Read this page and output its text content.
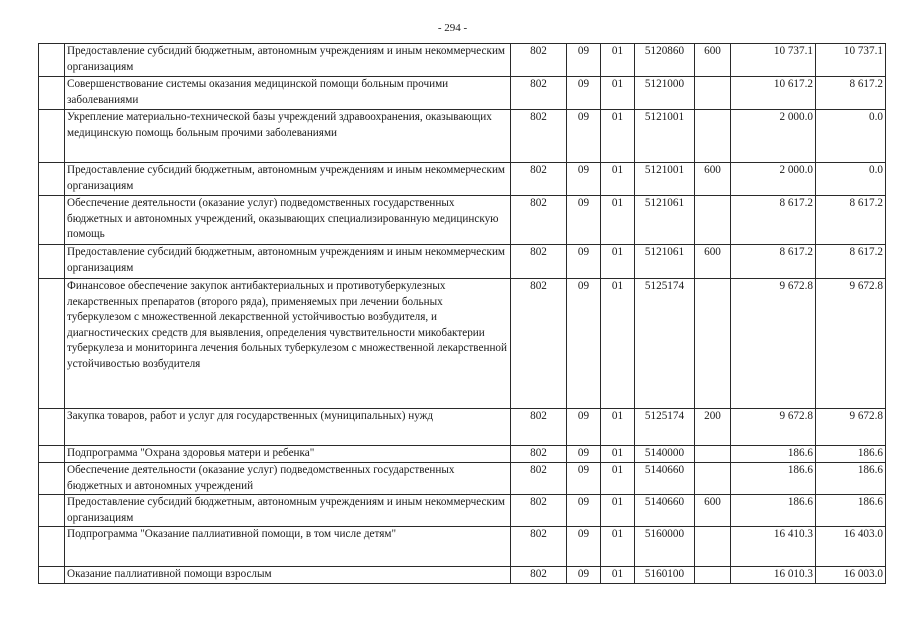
- 294 -
	Предоставление субсидий бюджетным, автономным учреждениям и иным некоммерческим организациям	802	09	01	5120860	600	10 737.1	10 737.1
	Совершенствование системы оказания медицинской помощи больным прочими заболеваниями	802	09	01	5121000		10 617.2	8 617.2
	Укрепление материально-технической базы учреждений здравоохранения, оказывающих медицинскую помощь больным прочими заболеваниями	802	09	01	5121001		2 000.0	0.0
	Предоставление субсидий бюджетным, автономным учреждениям и иным некоммерческим организациям	802	09	01	5121001	600	2 000.0	0.0
	Обеспечение деятельности (оказание услуг) подведомственных государственных бюджетных и автономных учреждений, оказывающих специализированную медицинскую помощь	802	09	01	5121061		8 617.2	8 617.2
	Предоставление субсидий бюджетным, автономным учреждениям и иным некоммерческим организациям	802	09	01	5121061	600	8 617.2	8 617.2
	Финансовое обеспечение закупок антибактериальных и противотуберкулезных лекарственных препаратов (второго ряда), применяемых при лечении больных туберкулезом с множественной лекарственной устойчивостью возбудителя, и диагностических средств для выявления, определения чувствительности микобактерии туберкулеза и мониторинга лечения больных туберкулезом с множественной лекарственной устойчивостью возбудителя	802	09	01	5125174		9 672.8	9 672.8
	Закупка товаров, работ и услуг для государственных (муниципальных) нужд	802	09	01	5125174	200	9 672.8	9 672.8
	Подпрограмма "Охрана здоровья матери и ребенка"	802	09	01	5140000		186.6	186.6
	Обеспечение деятельности (оказание услуг) подведомственных государственных бюджетных и автономных учреждений	802	09	01	5140660		186.6	186.6
	Предоставление субсидий бюджетным, автономным учреждениям и иным некоммерческим организациям	802	09	01	5140660	600	186.6	186.6
	Подпрограмма "Оказание паллиативной помощи, в том числе детям"	802	09	01	5160000		16 410.3	16 403.0
	Оказание паллиативной помощи взрослым	802	09	01	5160100		16 010.3	16 003.0
